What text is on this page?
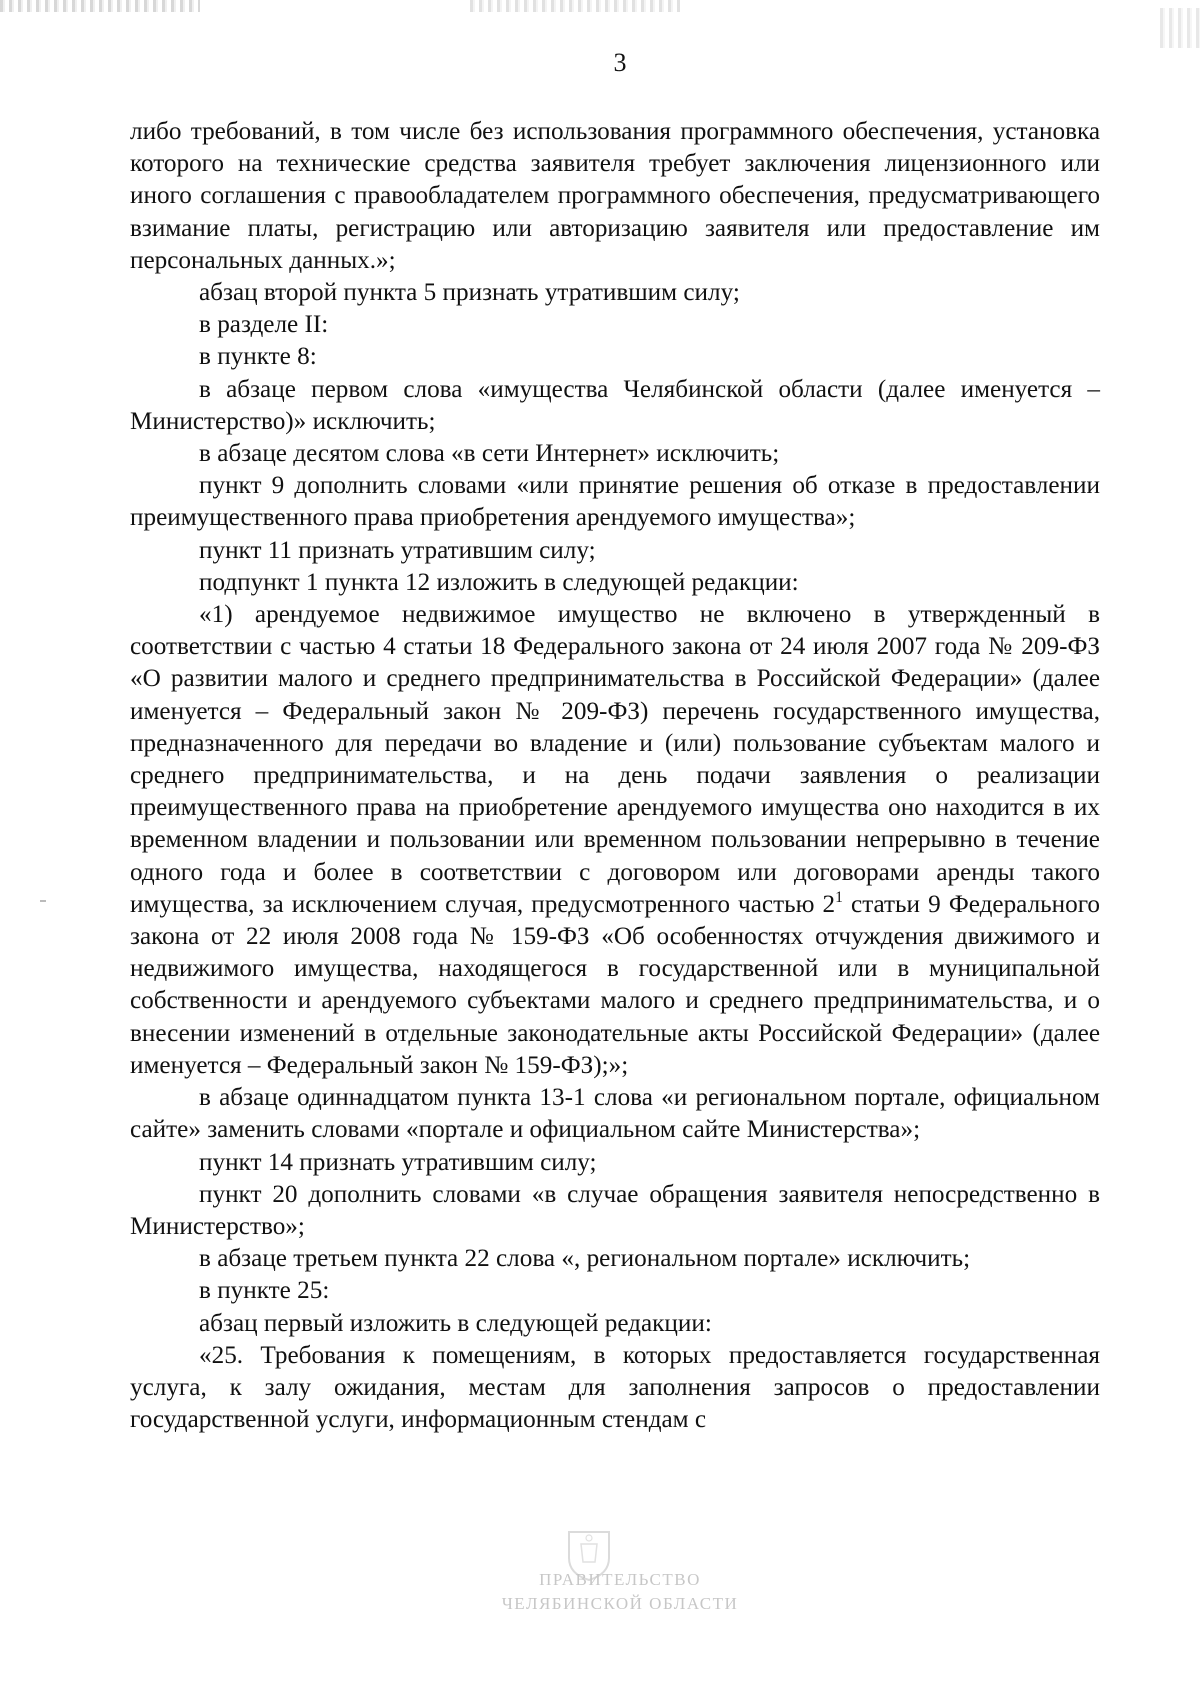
3

либо требований, в том числе без использования программного обеспечения, установка которого на технические средства заявителя требует заключения лицензионного или иного соглашения с правообладателем программного обеспечения, предусматривающего взимание платы, регистрацию или авторизацию заявителя или предоставление им персональных данных.»;

абзац второй пункта 5 признать утратившим силу;

в разделе II:

в пункте 8:

в абзаце первом слова «имущества Челябинской области (далее именуется – Министерство)» исключить;

в абзаце десятом слова «в сети Интернет» исключить;

пункт 9 дополнить словами «или принятие решения об отказе в предоставлении преимущественного права приобретения арендуемого имущества»;

пункт 11 признать утратившим силу;

подпункт 1 пункта 12 изложить в следующей редакции:

«1) арендуемое недвижимое имущество не включено в утвержденный в соответствии с частью 4 статьи 18 Федерального закона от 24 июля 2007 года № 209-ФЗ «О развитии малого и среднего предпринимательства в Российской Федерации» (далее именуется – Федеральный закон № 209-ФЗ) перечень государственного имущества, предназначенного для передачи во владение и (или) пользование субъектам малого и среднего предпринимательства, и на день подачи заявления о реализации преимущественного права на приобретение арендуемого имущества оно находится в их временном владении и пользовании или временном пользовании непрерывно в течение одного года и более в соответствии с договором или договорами аренды такого имущества, за исключением случая, предусмотренного частью $2^1$ статьи 9 Федерального закона от 22 июля 2008 года № 159-ФЗ «Об особенностях отчуждения движимого и недвижимого имущества, находящегося в государственной или в муниципальной собственности и арендуемого субъектами малого и среднего предпринимательства, и о внесении изменений в отдельные законодательные акты Российской Федерации» (далее именуется – Федеральный закон № 159-ФЗ);»;

в абзаце одиннадцатом пункта 13-1 слова «и региональном портале, официальном сайте» заменить словами «портале и официальном сайте Министерства»;

пункт 14 признать утратившим силу;

пункт 20 дополнить словами «в случае обращения заявителя непосредственно в Министерство»;

в абзаце третьем пункта 22 слова «, региональном портале» исключить;

в пункте 25:

абзац первый изложить в следующей редакции:

«25. Требования к помещениям, в которых предоставляется государственная услуга, к залу ожидания, местам для заполнения запросов о предоставлении государственной услуги, информационным стендам с

ПРАВИТЕЛЬСТВО
ЧЕЛЯБИНСКОЙ ОБЛАСТИ
